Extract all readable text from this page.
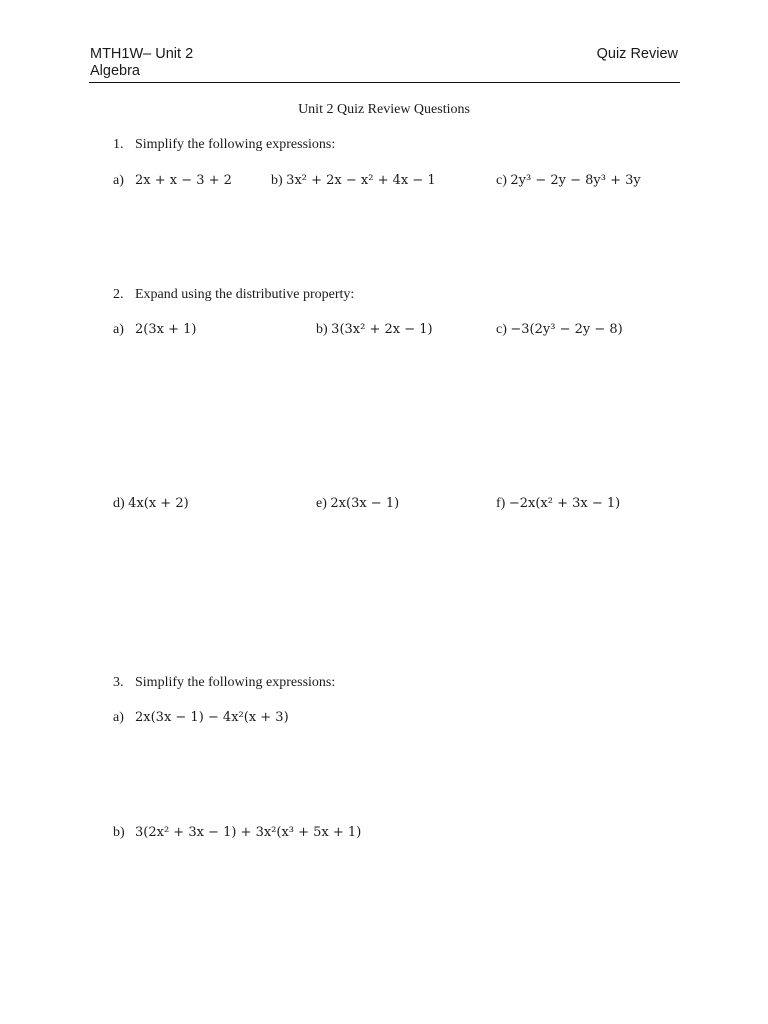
MTH1W– Unit 2
Algebra
Quiz Review
Unit 2 Quiz Review Questions
1. Simplify the following expressions:
a) 2x + x − 3 + 2	b) 3x² + 2x − x² + 4x − 1	c) 2y³ − 2y − 8y³ + 3y
2. Expand using the distributive property:
a) 2(3x + 1)	b) 3(3x² + 2x − 1)	c) −3(2y³ − 2y − 8)
d) 4x(x + 2)	e) 2x(3x − 1)	f) −2x(x² + 3x − 1)
3. Simplify the following expressions:
a) 2x(3x − 1) − 4x²(x + 3)
b) 3(2x² + 3x − 1) + 3x²(x³ + 5x + 1)
